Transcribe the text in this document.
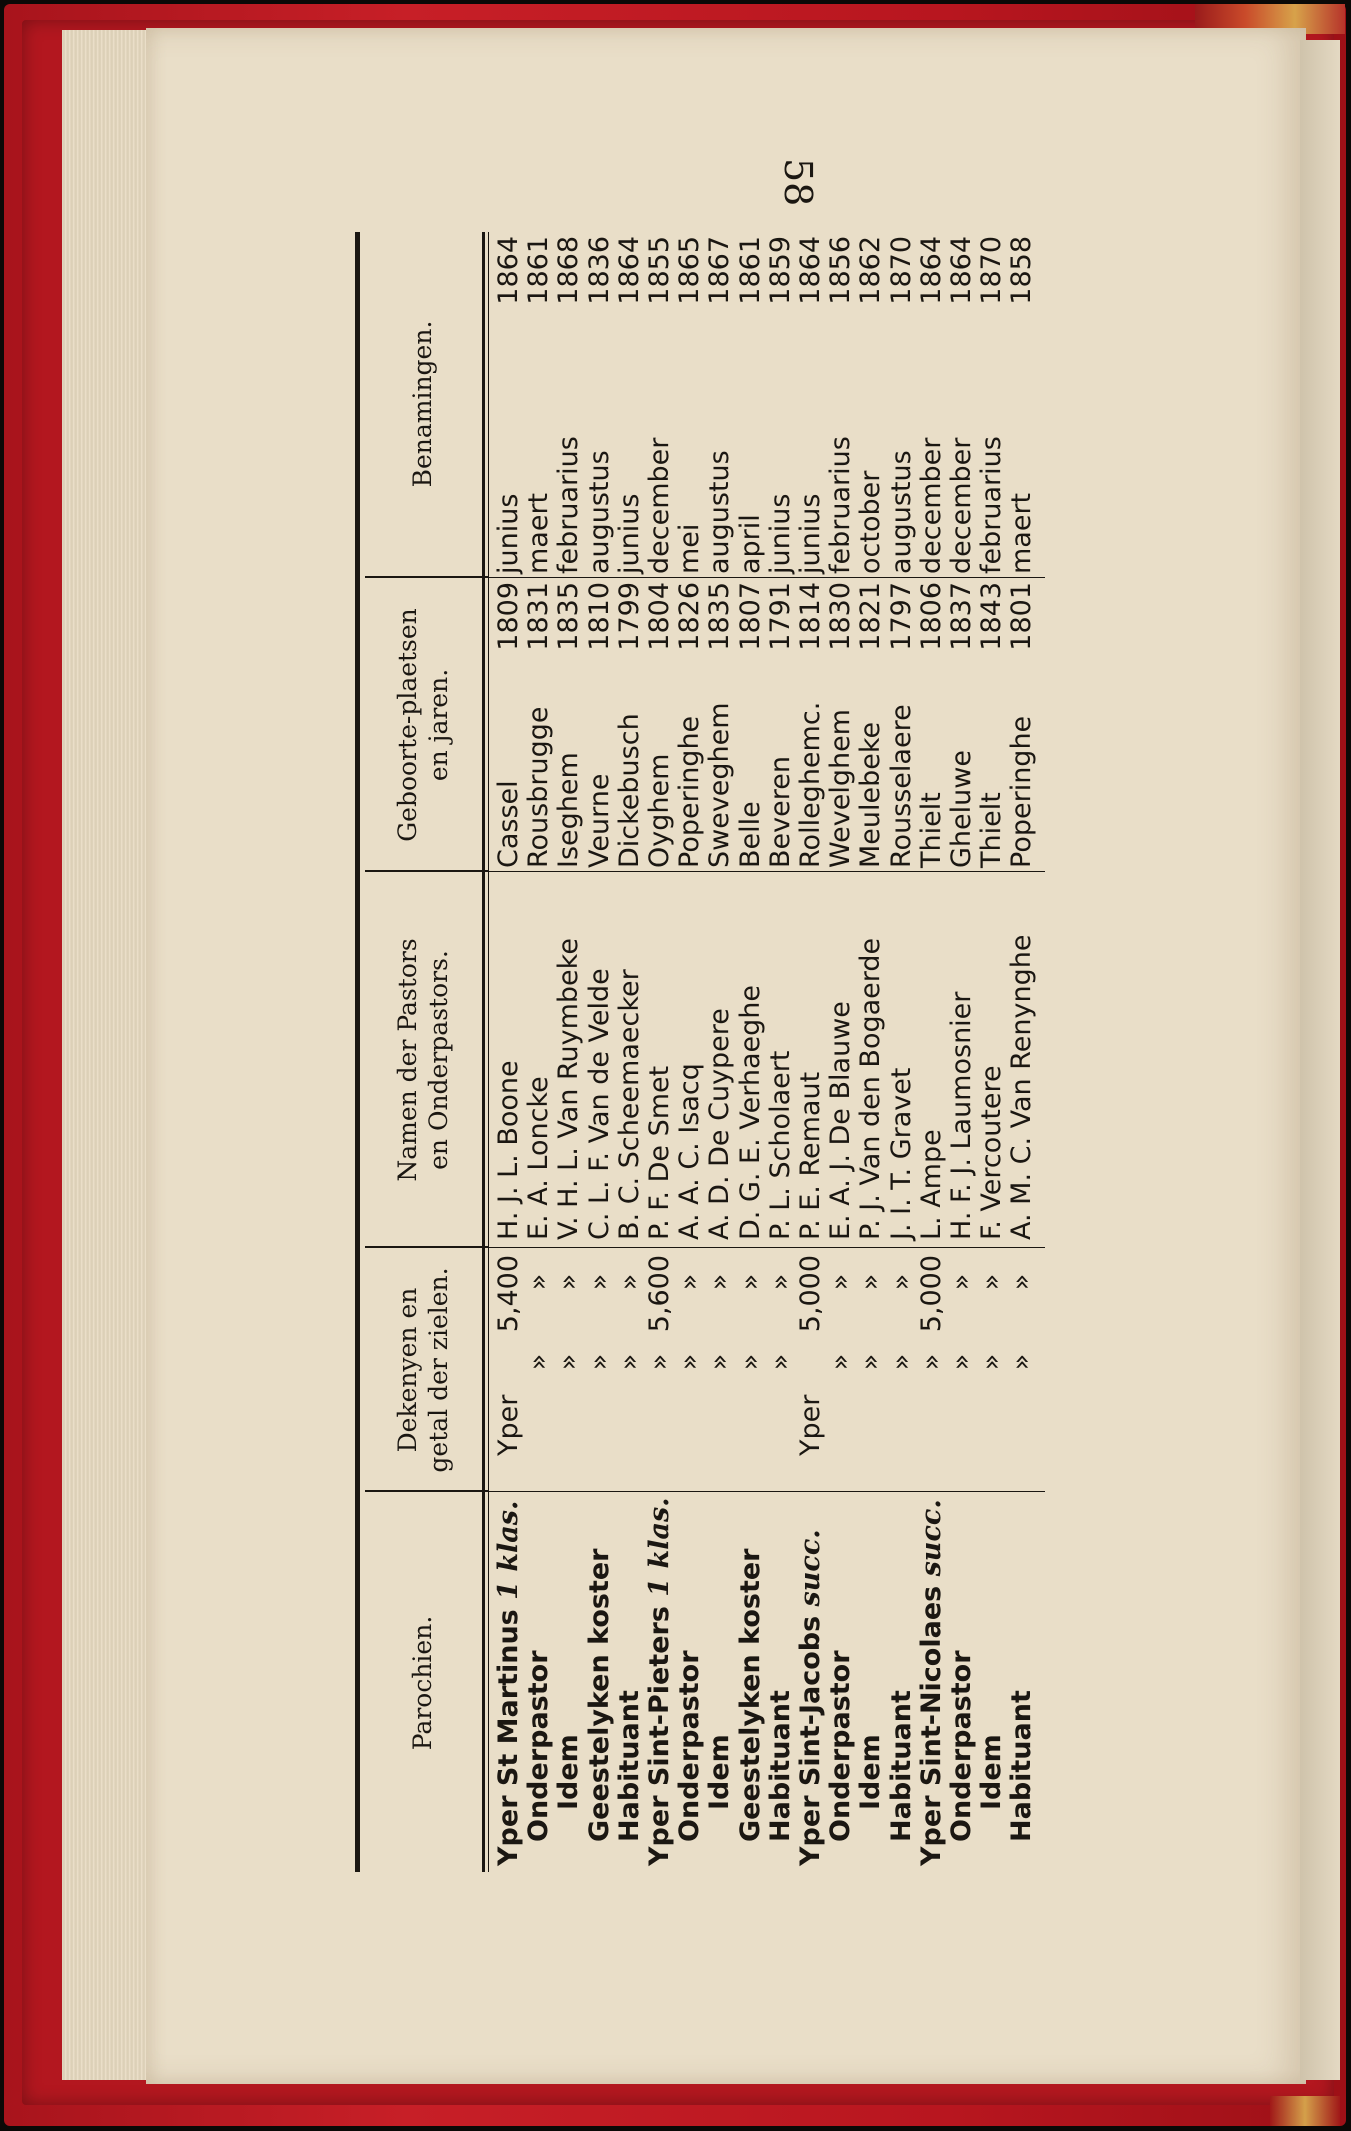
58
Parochien.
Dekenyen en getal der zielen.
Namen der Pastors en Onderpastors.
Geboorte-plaetsen en jaren.
Benamingen.
Yper St Martinus 1 klas.
Yper
5,400
H. J. L. Boone
Cassel
1809
junius
1864
Onderpastor
»
»
E. A. Loncke
Rousbrugge
1831
maert
1861
Idem
»
»
V. H. L. Van Ruymbeke
Iseghem
1835
februarius
1868
Geestelyken koster
»
»
C. L. F. Van de Velde
Veurne
1810
augustus
1836
Habituant
»
»
B. C. Scheemaecker
Dickebusch
1799
junius
1864
Yper Sint-Pieters 1 klas.
»
5,600
P. F. De Smet
Oyghem
1804
december
1855
Onderpastor
»
»
A. A. C. Isacq
Poperinghe
1826
mei
1865
Idem
»
»
A. D. De Cuypere
Sweveghem
1835
augustus
1867
Geestelyken koster
»
»
D. G. E. Verhaeghe
Belle
1807
april
1861
Habituant
»
»
P. L. Scholaert
Beveren
1791
junius
1859
Yper Sint-Jacobs succ.
Yper
5,000
P. E. Remaut
Rolleghemc.
1814
junius
1864
Onderpastor
»
»
E. A. J. De Blauwe
Wevelghem
1830
februarius
1856
Idem
»
»
P. J. Van den Bogaerde
Meulebeke
1821
october
1862
Habituant
»
»
J. I. T. Gravet
Rousselaere
1797
augustus
1870
Yper Sint-Nicolaes succ.
»
5,000
L. Ampe
Thielt
1806
december
1864
Onderpastor
»
»
H. F. J. Laumosnier
Gheluwe
1837
december
1864
Idem
»
»
F. Vercoutere
Thielt
1843
februarius
1870
Habituant
»
»
A. M. C. Van Renynghe
Poperinghe
1801
maert
1858
